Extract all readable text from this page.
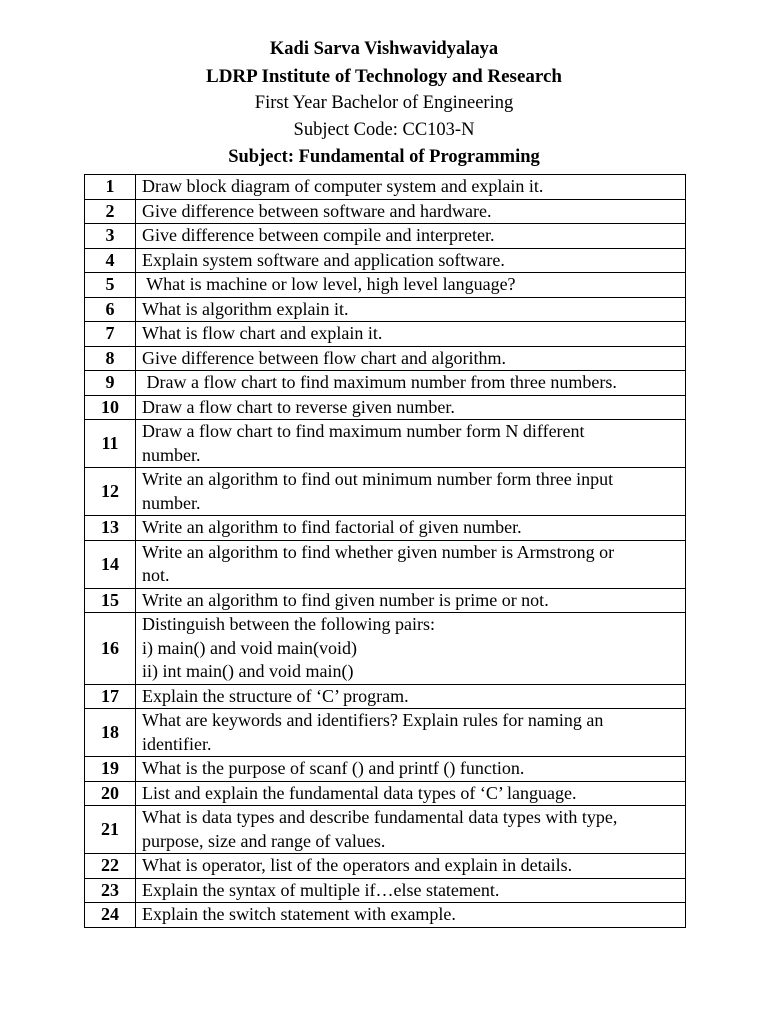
Kadi Sarva Vishwavidyalaya
LDRP Institute of Technology and Research
First Year Bachelor of Engineering
Subject Code: CC103-N
Subject: Fundamental of Programming
1	Draw block diagram of computer system and explain it.

2	Give difference between software and hardware.

3	Give difference between compile and interpreter.

4	Explain system software and application software.

5	What is machine or low level, high level language?

6	What is algorithm explain it.

7	What is flow chart and explain it.

8	Give difference between flow chart and algorithm.

9	Draw a flow chart to find maximum number from three numbers.

10	Draw a flow chart to reverse given number.

11	Draw a flow chart to find maximum number form N different
number.

12	Write an algorithm to find out minimum number form three input
number.

13	Write an algorithm to find factorial of given number.

14	Write an algorithm to find whether given number is Armstrong or
not.

15	Write an algorithm to find given number is prime or not.

16	Distinguish between the following pairs:
i) main() and void main(void)
ii) int main() and void main()

17	Explain the structure of ‘C’ program.

18	What are keywords and identifiers? Explain rules for naming an
identifier.

19	What is the purpose of scanf () and printf () function.

20	List and explain the fundamental data types of ‘C’ language.

21	What is data types and describe fundamental data types with type,
purpose, size and range of values.

22	What is operator, list of the operators and explain in details.

23	Explain the syntax of multiple if…else statement.

24	Explain the switch statement with example.
